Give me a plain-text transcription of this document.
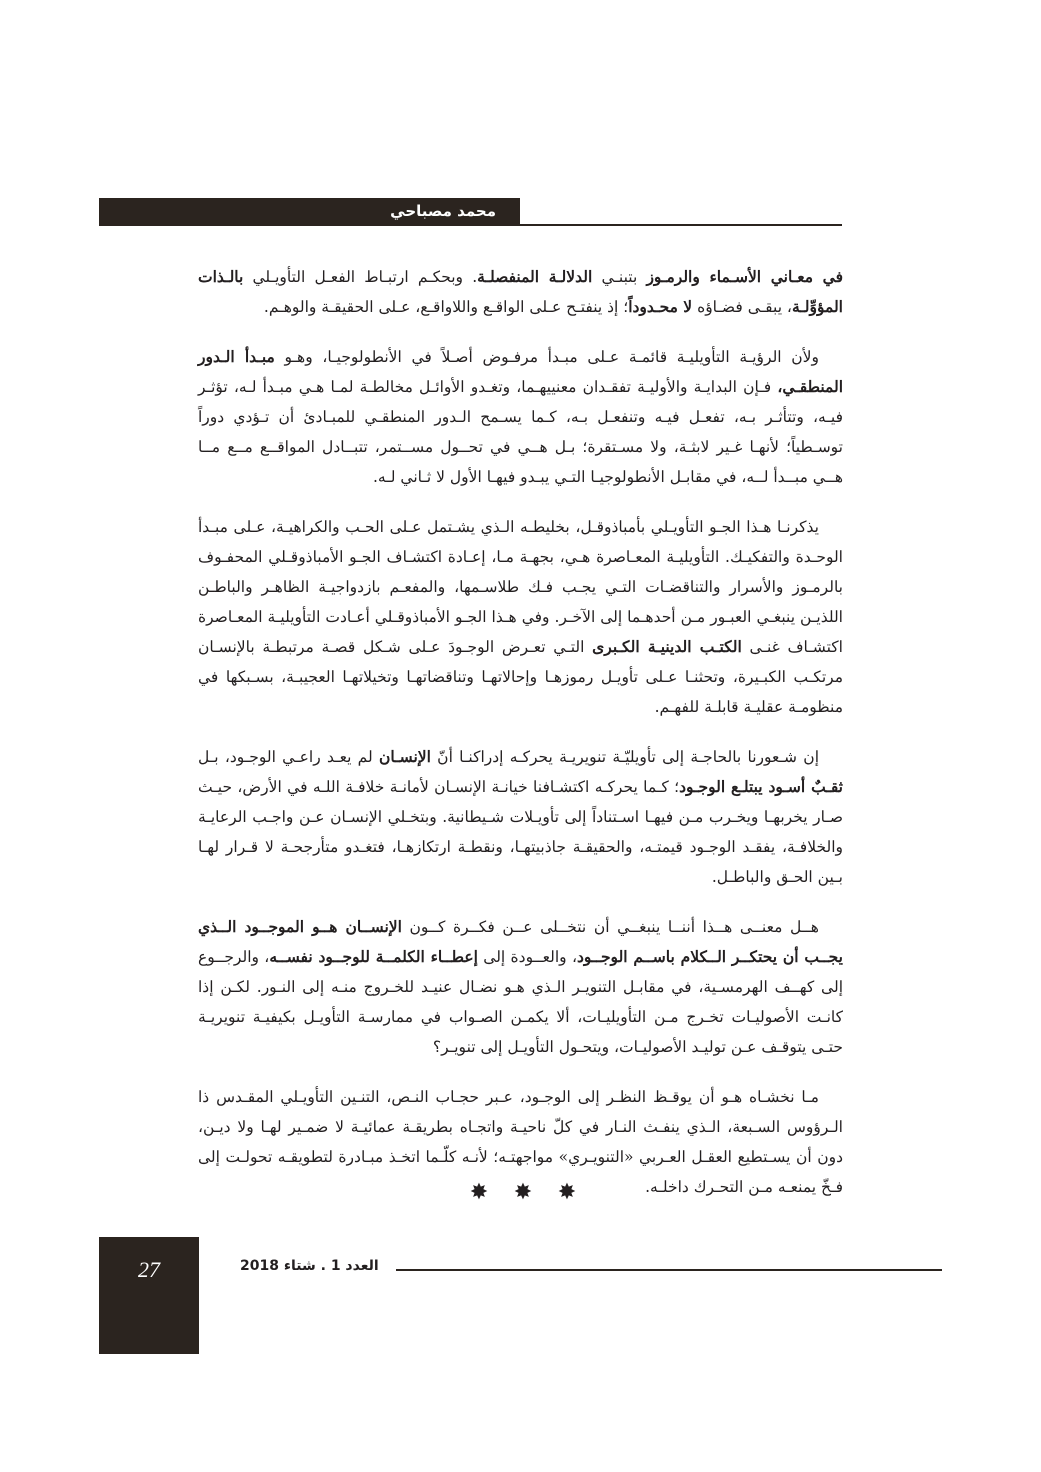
محمد مصباحي

في معـاني الأسـماء والرمـوز بتبنـي الدلالـة المنفصلـة. وبحكـم ارتبـاط الفعـل التأويـلي بالـذات المؤوِّلـة، يبقـى فضـاؤه لا محـدوداً؛ إذ ينفتـح عـلى الواقـع واللاواقـع، عـلى الحقيقـة والوهـم.

ولأن الرؤيـة التأويليـة قائمـة عـلى مبـدأ مرفـوض أصـلاً في الأنطولوجيـا، وهـو مبـدأ الـدور المنطقـي، فـإن البدايـة والأوليـة تفقـدان معنييهـما، وتغـدو الأوائـل مخالطـة لمـا هـي مبـدأ لـه، تؤثـر فيـه، وتتأثـر بـه، تفعـل فيـه وتنفعـل بـه، كـما يسـمح الـدور المنطقـي للمبـادئ أن تـؤدي دوراً توسـطياً؛ لأنهـا غـير لابثـة، ولا مسـتقرة؛ بـل هــي في تحــول مســتمر، تتبــادل المواقــع مــع مــا هــي مبــدأ لــه، في مقابـل الأنطولوجيـا التـي يبـدو فيهـا الأول لا ثـاني لـه.

يذكرنـا هـذا الجـو التأويـلي بأمباذوقـل، بخليطـه الـذي يشـتمل عـلى الحـب والكراهيـة، عـلى مبـدأ الوحـدة والتفكيـك. التأويليـة المعـاصرة هـي، بجهـة مـا، إعـادة اكتشـاف الجـو الأمباذوقـلي المحفـوف بالرمـوز والأسرار والتناقضـات التـي يجـب فـك طلاسـمها، والمفعـم بازدواجيـة الظاهـر والباطـن اللذيـن ينبغـي العبـور مـن أحدهـما إلى الآخـر. وفي هـذا الجـو الأمباذوقـلي أعـادت التأويليـة المعـاصرة اكتشـاف غنـى الكتـب الدينيـة الكـبرى التـي تعـرض الوجـودَ عـلى شـكل قصـة مرتبطـة بالإنسـان مرتكـب الكبـيرة، وتحثنـا عـلى تأويـل رموزهـا وإحالاتهـا وتناقضاتهـا وتخيلاتهـا العجيبـة، بسـبكها في منظومـة عقليـة قابلـة للفهـم.

إن شـعورنا بالحاجـة إلى تأويليّـة تنويريـة يحركـه إدراكنـا أنّ الإنسـان لم يعـد راعـي الوجـود، بـل ثقـبٌ أسـود يبتلـع الوجـود؛ كـما يحركـه اكتشـافنا خيانـة الإنسـان لأمانـة خلافـة اللـه في الأرض، حيـث صـار يخربهـا ويخـرب مـن فيهـا اسـتناداً إلى تأويـلات شـيطانية. وبتخـلي الإنسـان عـن واجـب الرعايـة والخلافـة، يفقـد الوجـود قيمتـه، والحقيقـة جاذبيتهـا، ونقطـة ارتكازهـا، فتغـدو متأرجحـة لا قـرار لهـا بـين الحـق والباطـل.

هــل معنــى هــذا أننــا ينبغــي أن نتخــلى عــن فكــرة كــون الإنســان هــو الموجــود الــذي يجــب أن يحتكــر الــكلام باســم الوجــود، والعــودة إلى إعطــاء الكلمــة للوجــود نفســه، والرجــوع إلى كهــف الهرمسـية، في مقابـل التنويـر الـذي هـو نضـال عنيـد للخـروج منـه إلى النـور. لكـن إذا كانـت الأصوليـات تخـرج مـن التأويليـات، ألا يكمـن الصـواب في ممارسـة التأويـل بكيفيـة تنويريـة حتـى يتوقـف عـن توليـد الأصوليـات، ويتحـول التأويـل إلى تنويـر؟

مـا نخشـاه هـو أن يوقـظ النظـر إلى الوجـود، عـبر حجـاب النـص، التنـين التأويـلي المقـدس ذا الـرؤوس السـبعة، الـذي ينفـث النـار في كلّ ناحيـة واتجـاه بطريقـة عمائيـة لا ضمـير لهـا ولا ديـن، دون أن يسـتطيع العقـل العـربي «التنويـري» مواجهتـه؛ لأنـه كلّـما اتخـذ مبـادرة لتطويقـه تحولـت إلى فـخّ يمنعـه مـن التحـرك داخلـه.

✸ ✸ ✸
27	العدد 1 . شتاء 2018
